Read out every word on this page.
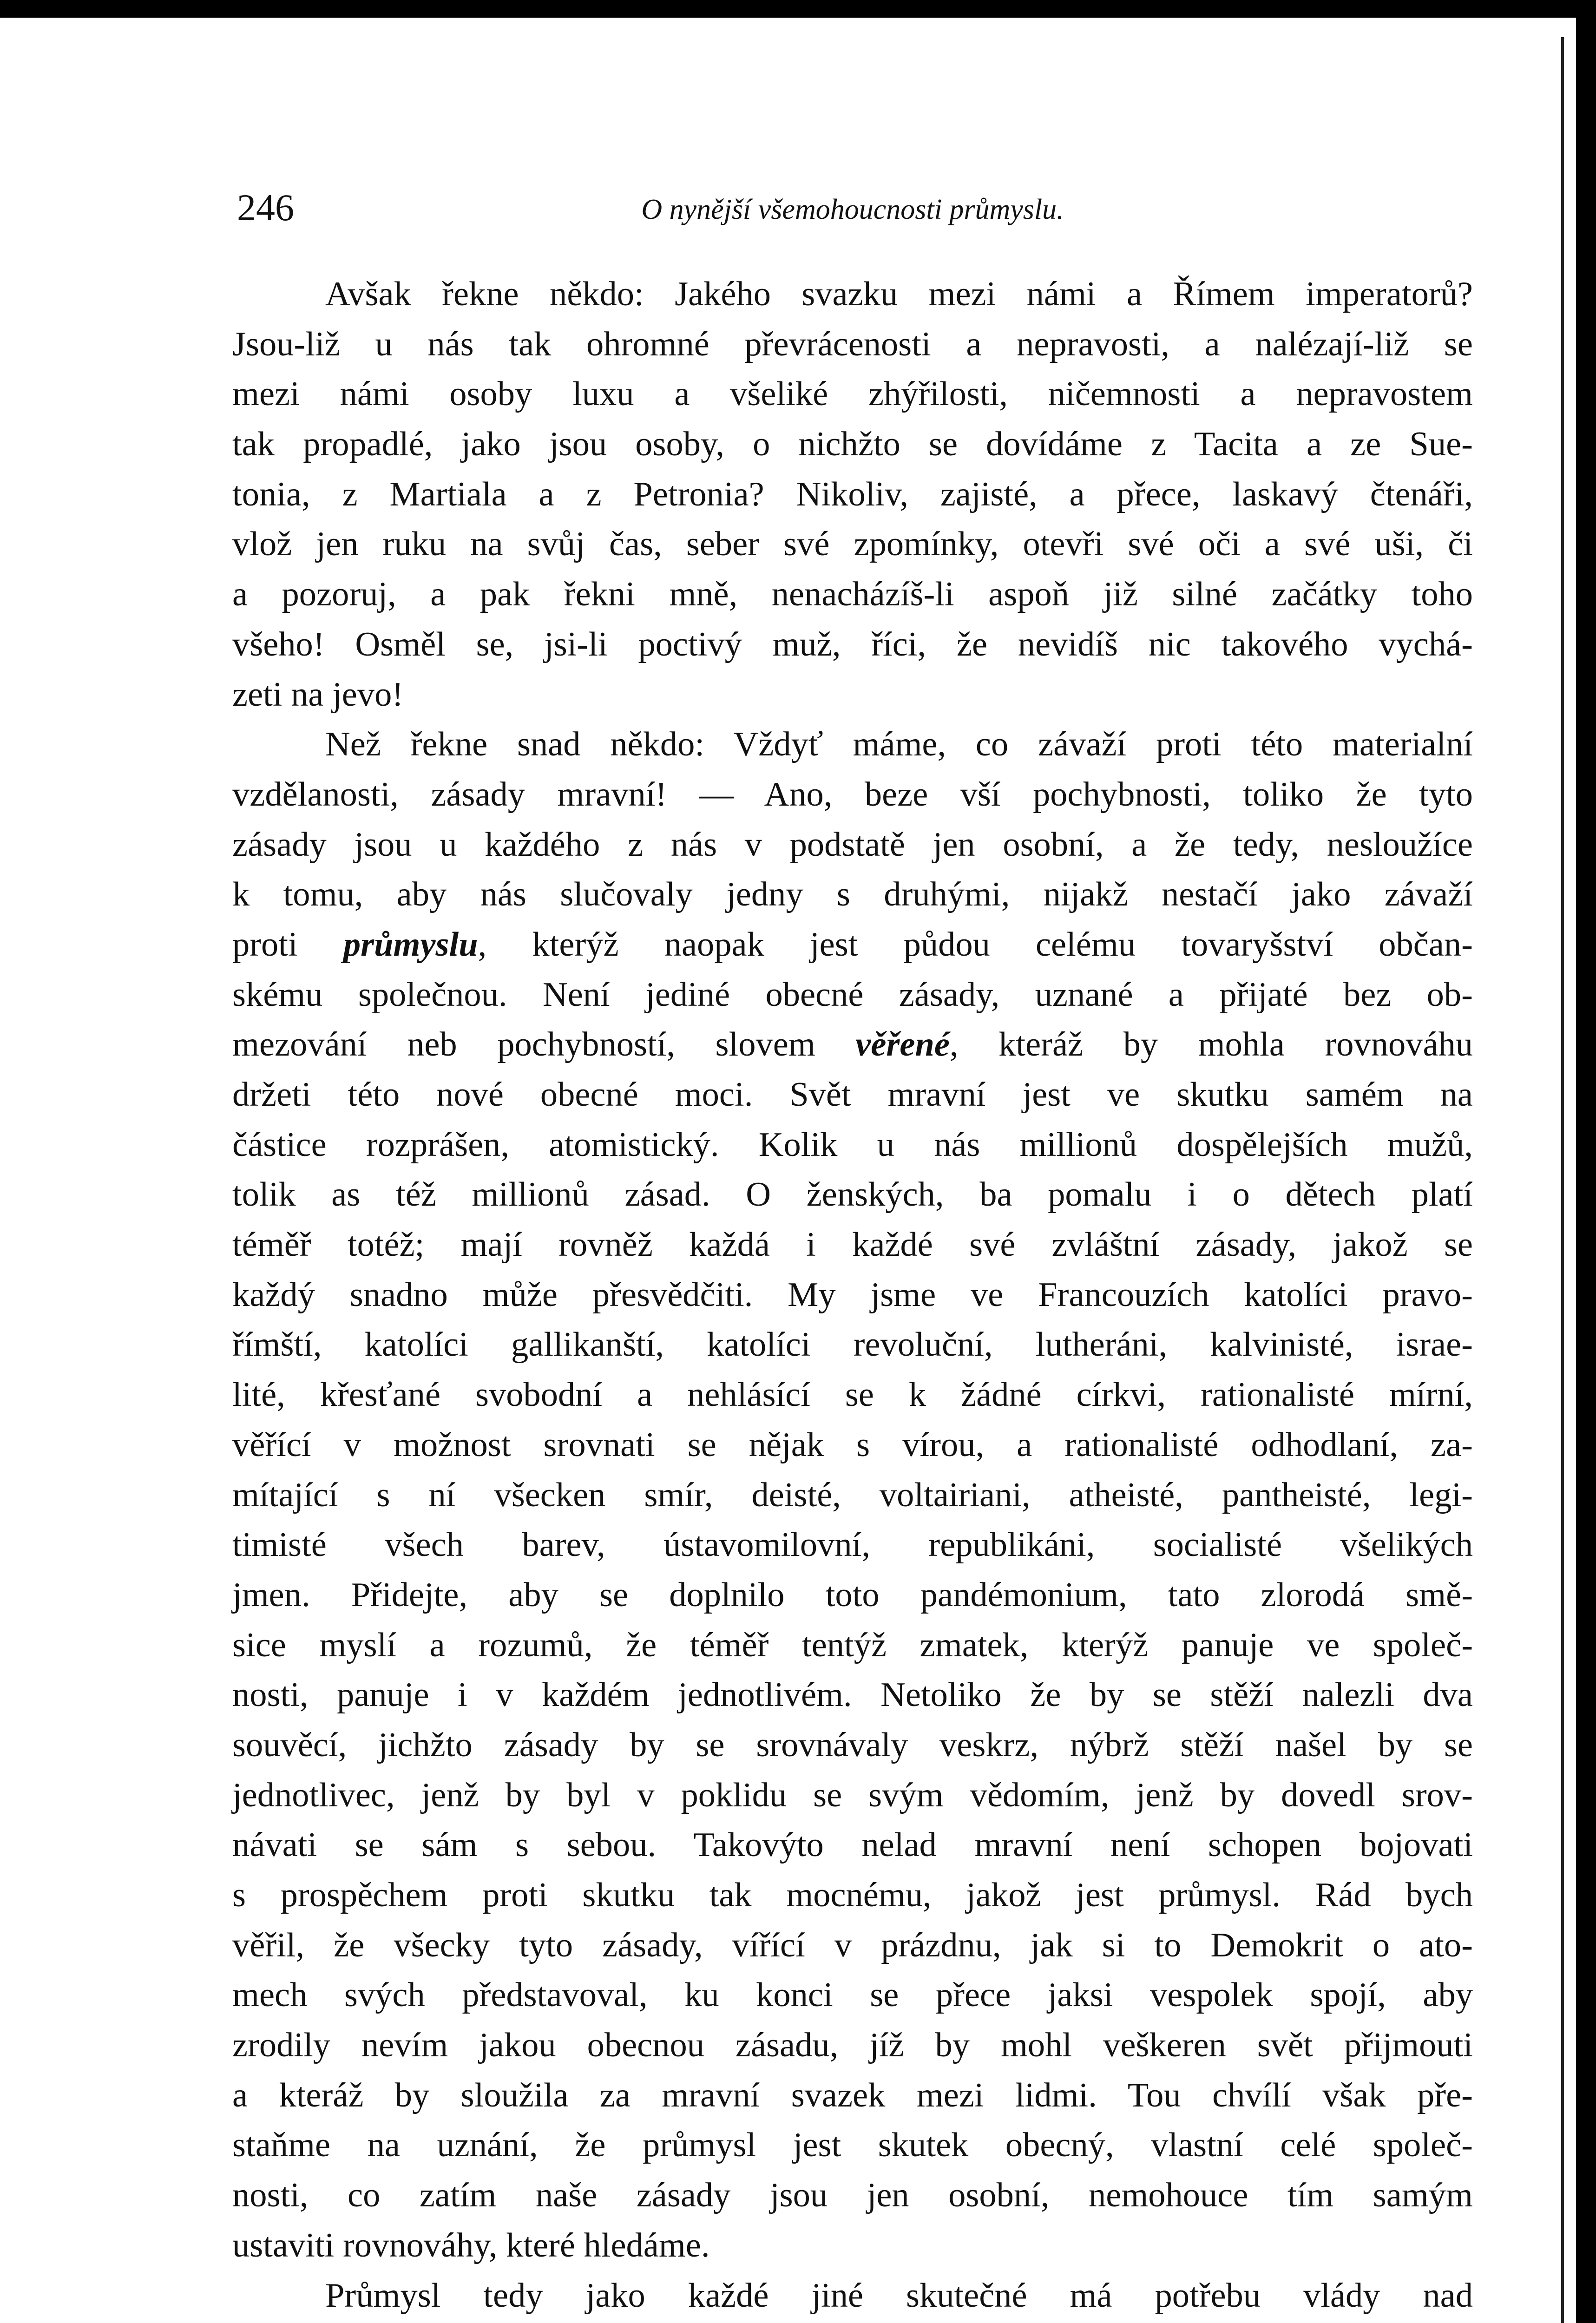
246	O nynější všemohoucnosti průmyslu.
Avšak řekne někdo: Jakého svazku mezi námi a Římem imperatorů?
Jsou-liž u nás tak ohromné převrácenosti a nepravosti, a nalézají-liž se
mezi námi osoby luxu a všeliké zhýřilosti, ničemnosti a nepravostem
tak propadlé, jako jsou osoby, o nichžto se dovídáme z Tacita a ze Sue-
tonia, z Martiala a z Petronia? Nikoliv, zajisté, a přece, laskavý čtenáři,
vlož jen ruku na svůj čas, seber své zpomínky, otevři své oči a své uši, či
a pozoruj, a pak řekni mně, nenacházíš-li aspoň již silné začátky toho
všeho! Osměl se, jsi-li poctivý muž, říci, že nevidíš nic takového vychá-
zeti na jevo!
Než řekne snad někdo: Vždyť máme, co závaží proti této materialní
vzdělanosti, zásady mravní! — Ano, beze vší pochybnosti, toliko že tyto
zásady jsou u každého z nás v podstatě jen osobní, a že tedy, nesloužíce
k tomu, aby nás slučovaly jedny s druhými, nijakž nestačí jako závaží
proti průmyslu, kterýž naopak jest půdou celému tovaryšství občan-
skému společnou. Není jediné obecné zásady, uznané a přijaté bez ob-
mezování neb pochybností, slovem věřené, kteráž by mohla rovnováhu
držeti této nové obecné moci. Svět mravní jest ve skutku samém na
částice rozprášen, atomistický. Kolik u nás millionů dospělejších mužů,
tolik as též millionů zásad. O ženských, ba pomalu i o dětech platí
téměř totéž; mají rovněž každá i každé své zvláštní zásady, jakož se
každý snadno může přesvědčiti. My jsme ve Francouzích katolíci pravo-
římští, katolíci gallikanští, katolíci revoluční, lutheráni, kalvinisté, israe-
lité, křesťané svobodní a nehlásící se k žádné církvi, rationalisté mírní,
věřící v možnost srovnati se nějak s vírou, a rationalisté odhodlaní, za-
mítající s ní všecken smír, deisté, voltairiani, atheisté, pantheisté, legi-
timisté všech barev, ústavomilovní, republikáni, socialisté všelikých
jmen. Přidejte, aby se doplnilo toto pandémonium, tato zlorodá smě-
sice myslí a rozumů, že téměř tentýž zmatek, kterýž panuje ve společ-
nosti, panuje i v každém jednotlivém. Netoliko že by se stěží nalezli dva
souvěcí, jichžto zásady by se srovnávaly veskrz, nýbrž stěží našel by se
jednotlivec, jenž by byl v poklidu se svým vědomím, jenž by dovedl srov-
návati se sám s sebou. Takovýto nelad mravní není schopen bojovati
s prospěchem proti skutku tak mocnému, jakož jest průmysl. Rád bych
věřil, že všecky tyto zásady, vířící v prázdnu, jak si to Demokrit o ato-
mech svých představoval, ku konci se přece jaksi vespolek spojí, aby
zrodily nevím jakou obecnou zásadu, jíž by mohl veškeren svět přijmouti
a kteráž by sloužila za mravní svazek mezi lidmi. Tou chvílí však pře-
staňme na uznání, že průmysl jest skutek obecný, vlastní celé společ-
nosti, co zatím naše zásady jsou jen osobní, nemohouce tím samým
ustaviti rovnováhy, které hledáme.
Průmysl tedy jako každé jiné skutečné má potřebu vlády nad
